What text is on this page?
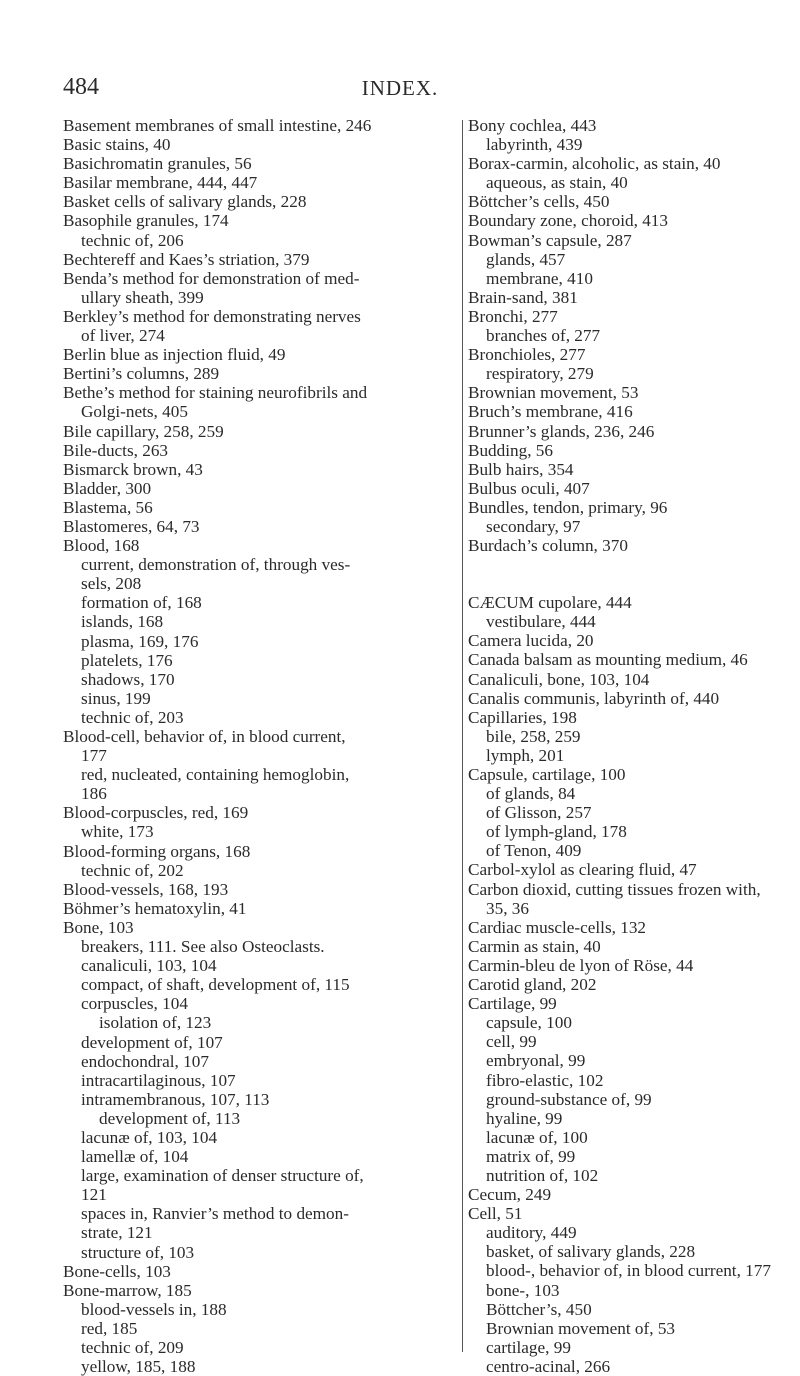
484	INDEX.
Basement membranes of small intestine, 246
Basic stains, 40
Basichromatin granules, 56
Basilar membrane, 444, 447
Basket cells of salivary glands, 228
Basophile granules, 174
technic of, 206
Bechtereff and Kaes’s striation, 379
Benda’s method for demonstration of med-
ullary sheath, 399
Berkley’s method for demonstrating nerves
of liver, 274
Berlin blue as injection fluid, 49
Bertini’s columns, 289
Bethe’s method for staining neurofibrils and
Golgi-nets, 405
Bile capillary, 258, 259
Bile-ducts, 263
Bismarck brown, 43
Bladder, 300
Blastema, 56
Blastomeres, 64, 73
Blood, 168
current, demonstration of, through ves-
sels, 208
formation of, 168
islands, 168
plasma, 169, 176
platelets, 176
shadows, 170
sinus, 199
technic of, 203
Blood-cell, behavior of, in blood current,
177
red, nucleated, containing hemoglobin,
186
Blood-corpuscles, red, 169
white, 173
Blood-forming organs, 168
technic of, 202
Blood-vessels, 168, 193
Böhmer’s hematoxylin, 41
Bone, 103
breakers, 111. See also Osteoclasts.
canaliculi, 103, 104
compact, of shaft, development of, 115
corpuscles, 104
isolation of, 123
development of, 107
endochondral, 107
intracartilaginous, 107
intramembranous, 107, 113
development of, 113
lacunæ of, 103, 104
lamellæ of, 104
large, examination of denser structure of,
121
spaces in, Ranvier’s method to demon-
strate, 121
structure of, 103
Bone-cells, 103
Bone-marrow, 185
blood-vessels in, 188
red, 185
technic of, 209
yellow, 185, 188
Bony cochlea, 443
labyrinth, 439
Borax-carmin, alcoholic, as stain, 40
aqueous, as stain, 40
Böttcher’s cells, 450
Boundary zone, choroid, 413
Bowman’s capsule, 287
glands, 457
membrane, 410
Brain-sand, 381
Bronchi, 277
branches of, 277
Bronchioles, 277
respiratory, 279
Brownian movement, 53
Bruch’s membrane, 416
Brunner’s glands, 236, 246
Budding, 56
Bulb hairs, 354
Bulbus oculi, 407
Bundles, tendon, primary, 96
secondary, 97
Burdach’s column, 370
CÆCUM cupolare, 444
vestibulare, 444
Camera lucida, 20
Canada balsam as mounting medium, 46
Canaliculi, bone, 103, 104
Canalis communis, labyrinth of, 440
Capillaries, 198
bile, 258, 259
lymph, 201
Capsule, cartilage, 100
of glands, 84
of Glisson, 257
of lymph-gland, 178
of Tenon, 409
Carbol-xylol as clearing fluid, 47
Carbon dioxid, cutting tissues frozen with,
35, 36
Cardiac muscle-cells, 132
Carmin as stain, 40
Carmin-bleu de lyon of Röse, 44
Carotid gland, 202
Cartilage, 99
capsule, 100
cell, 99
embryonal, 99
fibro-elastic, 102
ground-substance of, 99
hyaline, 99
lacunæ of, 100
matrix of, 99
nutrition of, 102
Cecum, 249
Cell, 51
auditory, 449
basket, of salivary glands, 228
blood-, behavior of, in blood current, 177
bone-, 103
Böttcher’s, 450
Brownian movement of, 53
cartilage, 99
centro-acinal, 266
